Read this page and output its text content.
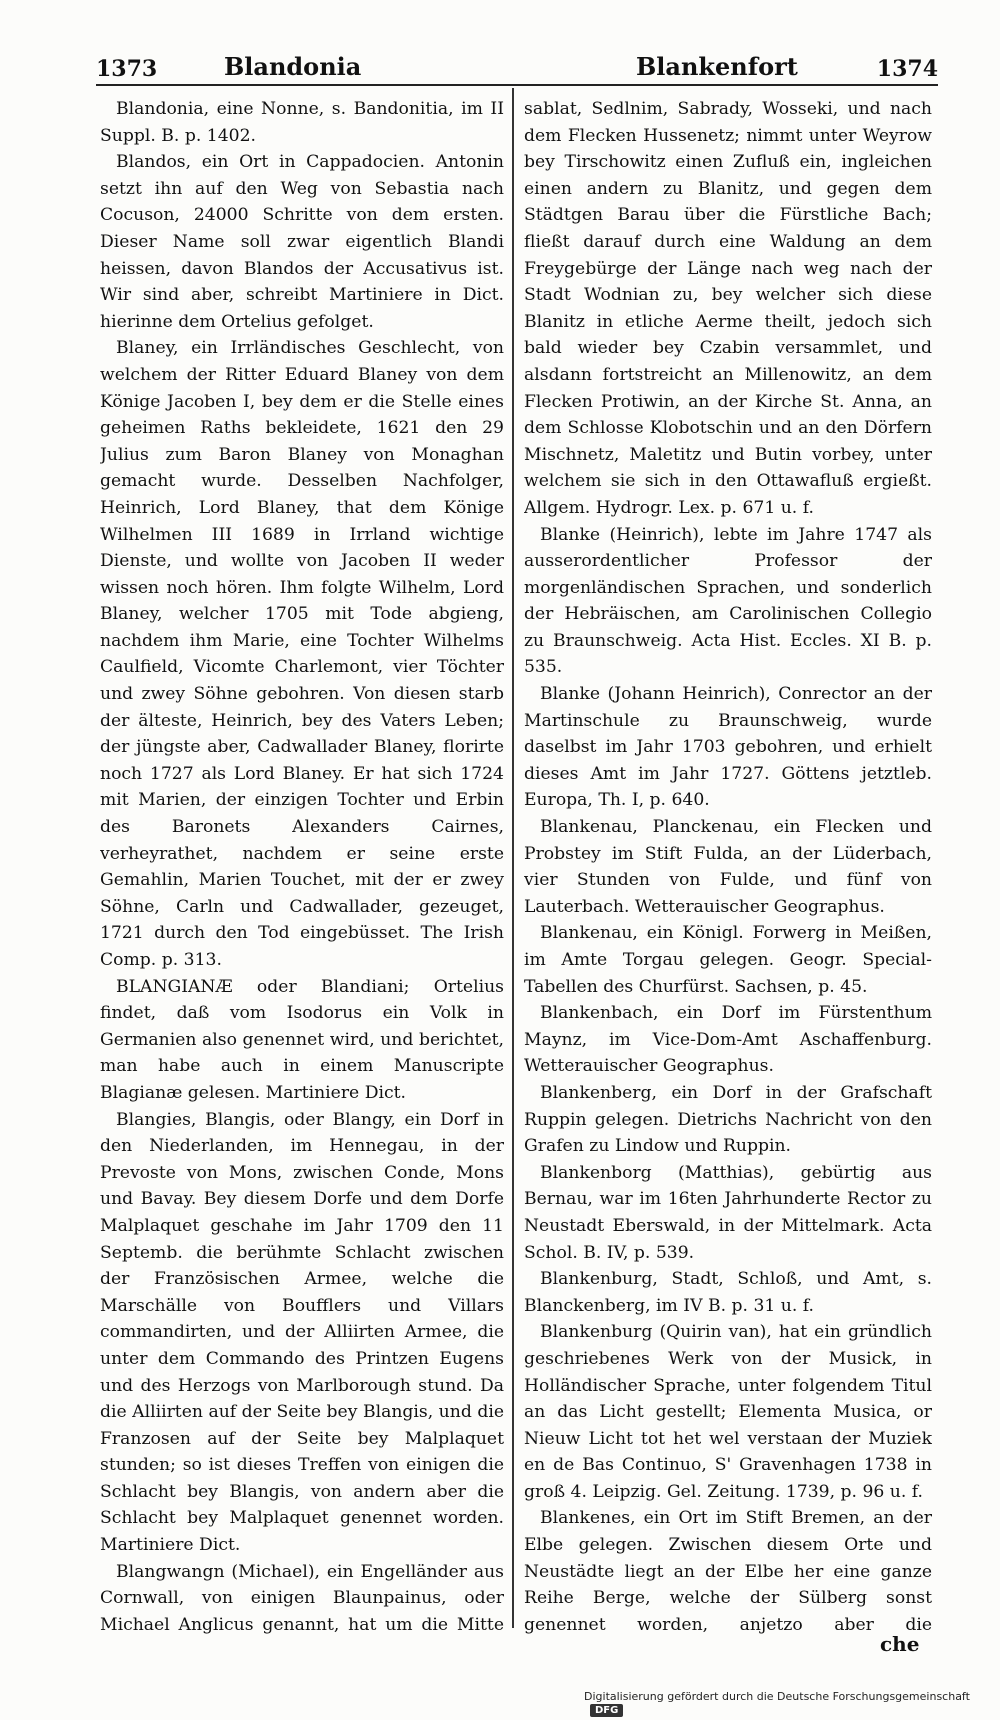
1373	Blandonia	Blankenfort	1374

Blandonia, eine Nonne, s. Bandonitia, im II Suppl. B. p. 1402.

Blandos, ein Ort in Cappadocien. Antonin setzt ihn auf den Weg von Sebastia nach Cocuson, 24000 Schritte von dem ersten. Dieser Name soll zwar eigentlich Blandi heissen, davon Blandos der Accusativus ist. Wir sind aber, schreibt Martiniere in Dict. hierinne dem Ortelius gefolget.

Blaney, ein Irrländisches Geschlecht, von welchem der Ritter Eduard Blaney von dem Könige Jacoben I, bey dem er die Stelle eines geheimen Raths bekleidete, 1621 den 29 Julius zum Baron Blaney von Monaghan gemacht wurde. Desselben Nachfolger, Heinrich, Lord Blaney, that dem Könige Wilhelmen III 1689 in Irrland wichtige Dienste, und wollte von Jacoben II weder wissen noch hören. Ihm folgte Wilhelm, Lord Blaney, welcher 1705 mit Tode abgieng, nachdem ihm Marie, eine Tochter Wilhelms Caulfield, Vicomte Charlemont, vier Töchter und zwey Söhne gebohren. Von diesen starb der älteste, Heinrich, bey des Vaters Leben; der jüngste aber, Cadwallader Blaney, florirte noch 1727 als Lord Blaney. Er hat sich 1724 mit Marien, der einzigen Tochter und Erbin des Baronets Alexanders Cairnes, verheyrathet, nachdem er seine erste Gemahlin, Marien Touchet, mit der er zwey Söhne, Carln und Cadwallader, gezeuget, 1721 durch den Tod eingebüsset. The Irish Comp. p. 313.

BLANGIANÆ oder Blandiani; Ortelius findet, daß vom Isodorus ein Volk in Germanien also genennet wird, und berichtet, man habe auch in einem Manuscripte Blagianæ gelesen. Martiniere Dict.

Blangies, Blangis, oder Blangy, ein Dorf in den Niederlanden, im Hennegau, in der Prevoste von Mons, zwischen Conde, Mons und Bavay. Bey diesem Dorfe und dem Dorfe Malplaquet geschahe im Jahr 1709 den 11 Septemb. die berühmte Schlacht zwischen der Französischen Armee, welche die Marschälle von Boufflers und Villars commandirten, und der Alliirten Armee, die unter dem Commando des Printzen Eugens und des Herzogs von Marlborough stund. Da die Alliirten auf der Seite bey Blangis, und die Franzosen auf der Seite bey Malplaquet stunden; so ist dieses Treffen von einigen die Schlacht bey Blangis, von andern aber die Schlacht bey Malplaquet genennet worden. Martiniere Dict.

Blangwangn (Michael), ein Engelländer aus Cornwall, von einigen Blaunpainus, oder Michael Anglicus genannt, hat um die Mitte

sablat, Sedlnim, Sabrady, Wosseki, und nach dem Flecken Hussenetz; nimmt unter Weyrow bey Tirschowitz einen Zufluß ein, ingleichen einen andern zu Blanitz, und gegen dem Städtgen Barau über die Fürstliche Bach; fließt darauf durch eine Waldung an dem Freygebürge der Länge nach weg nach der Stadt Wodnian zu, bey welcher sich diese Blanitz in etliche Aerme theilt, jedoch sich bald wieder bey Czabin versammlet, und alsdann fortstreicht an Millenowitz, an dem Flecken Protiwin, an der Kirche St. Anna, an dem Schlosse Klobotschin und an den Dörfern Mischnetz, Maletitz und Butin vorbey, unter welchem sie sich in den Ottawafluß ergießt. Allgem. Hydrogr. Lex. p. 671 u. f.

Blanke (Heinrich), lebte im Jahre 1747 als ausserordentlicher Professor der morgenländischen Sprachen, und sonderlich der Hebräischen, am Carolinischen Collegio zu Braunschweig. Acta Hist. Eccles. XI B. p. 535.

Blanke (Johann Heinrich), Conrector an der Martinschule zu Braunschweig, wurde daselbst im Jahr 1703 gebohren, und erhielt dieses Amt im Jahr 1727. Göttens jetztleb. Europa, Th. I, p. 640.

Blankenau, Planckenau, ein Flecken und Probstey im Stift Fulda, an der Lüderbach, vier Stunden von Fulde, und fünf von Lauterbach. Wetterauischer Geographus.

Blankenau, ein Königl. Forwerg in Meißen, im Amte Torgau gelegen. Geogr. Special-Tabellen des Churfürst. Sachsen, p. 45.

Blankenbach, ein Dorf im Fürstenthum Maynz, im Vice-Dom-Amt Aschaffenburg. Wetterauischer Geographus.

Blankenberg, ein Dorf in der Grafschaft Ruppin gelegen. Dietrichs Nachricht von den Grafen zu Lindow und Ruppin.

Blankenborg (Matthias), gebürtig aus Bernau, war im 16ten Jahrhunderte Rector zu Neustadt Eberswald, in der Mittelmark. Acta Schol. B. IV, p. 539.

Blankenburg, Stadt, Schloß, und Amt, s. Blanckenberg, im IV B. p. 31 u. f.

Blankenburg (Quirin van), hat ein gründlich geschriebenes Werk von der Musick, in Holländischer Sprache, unter folgendem Titul an das Licht gestellt; Elementa Musica, or Nieuw Licht tot het wel verstaan der Muziek en de Bas Continuo, S' Gravenhagen 1738 in groß 4. Leipzig. Gel. Zeitung. 1739, p. 96 u. f.

Blankenes, ein Ort im Stift Bremen, an der Elbe gelegen. Zwischen diesem Orte und Neustädte liegt an der Elbe her eine ganze Reihe Berge, welche der Sülberg sonst genennet worden, anjetzo aber die

che
Digitalisierung gefördert durch die Deutsche Forschungsgemeinschaft DFG
